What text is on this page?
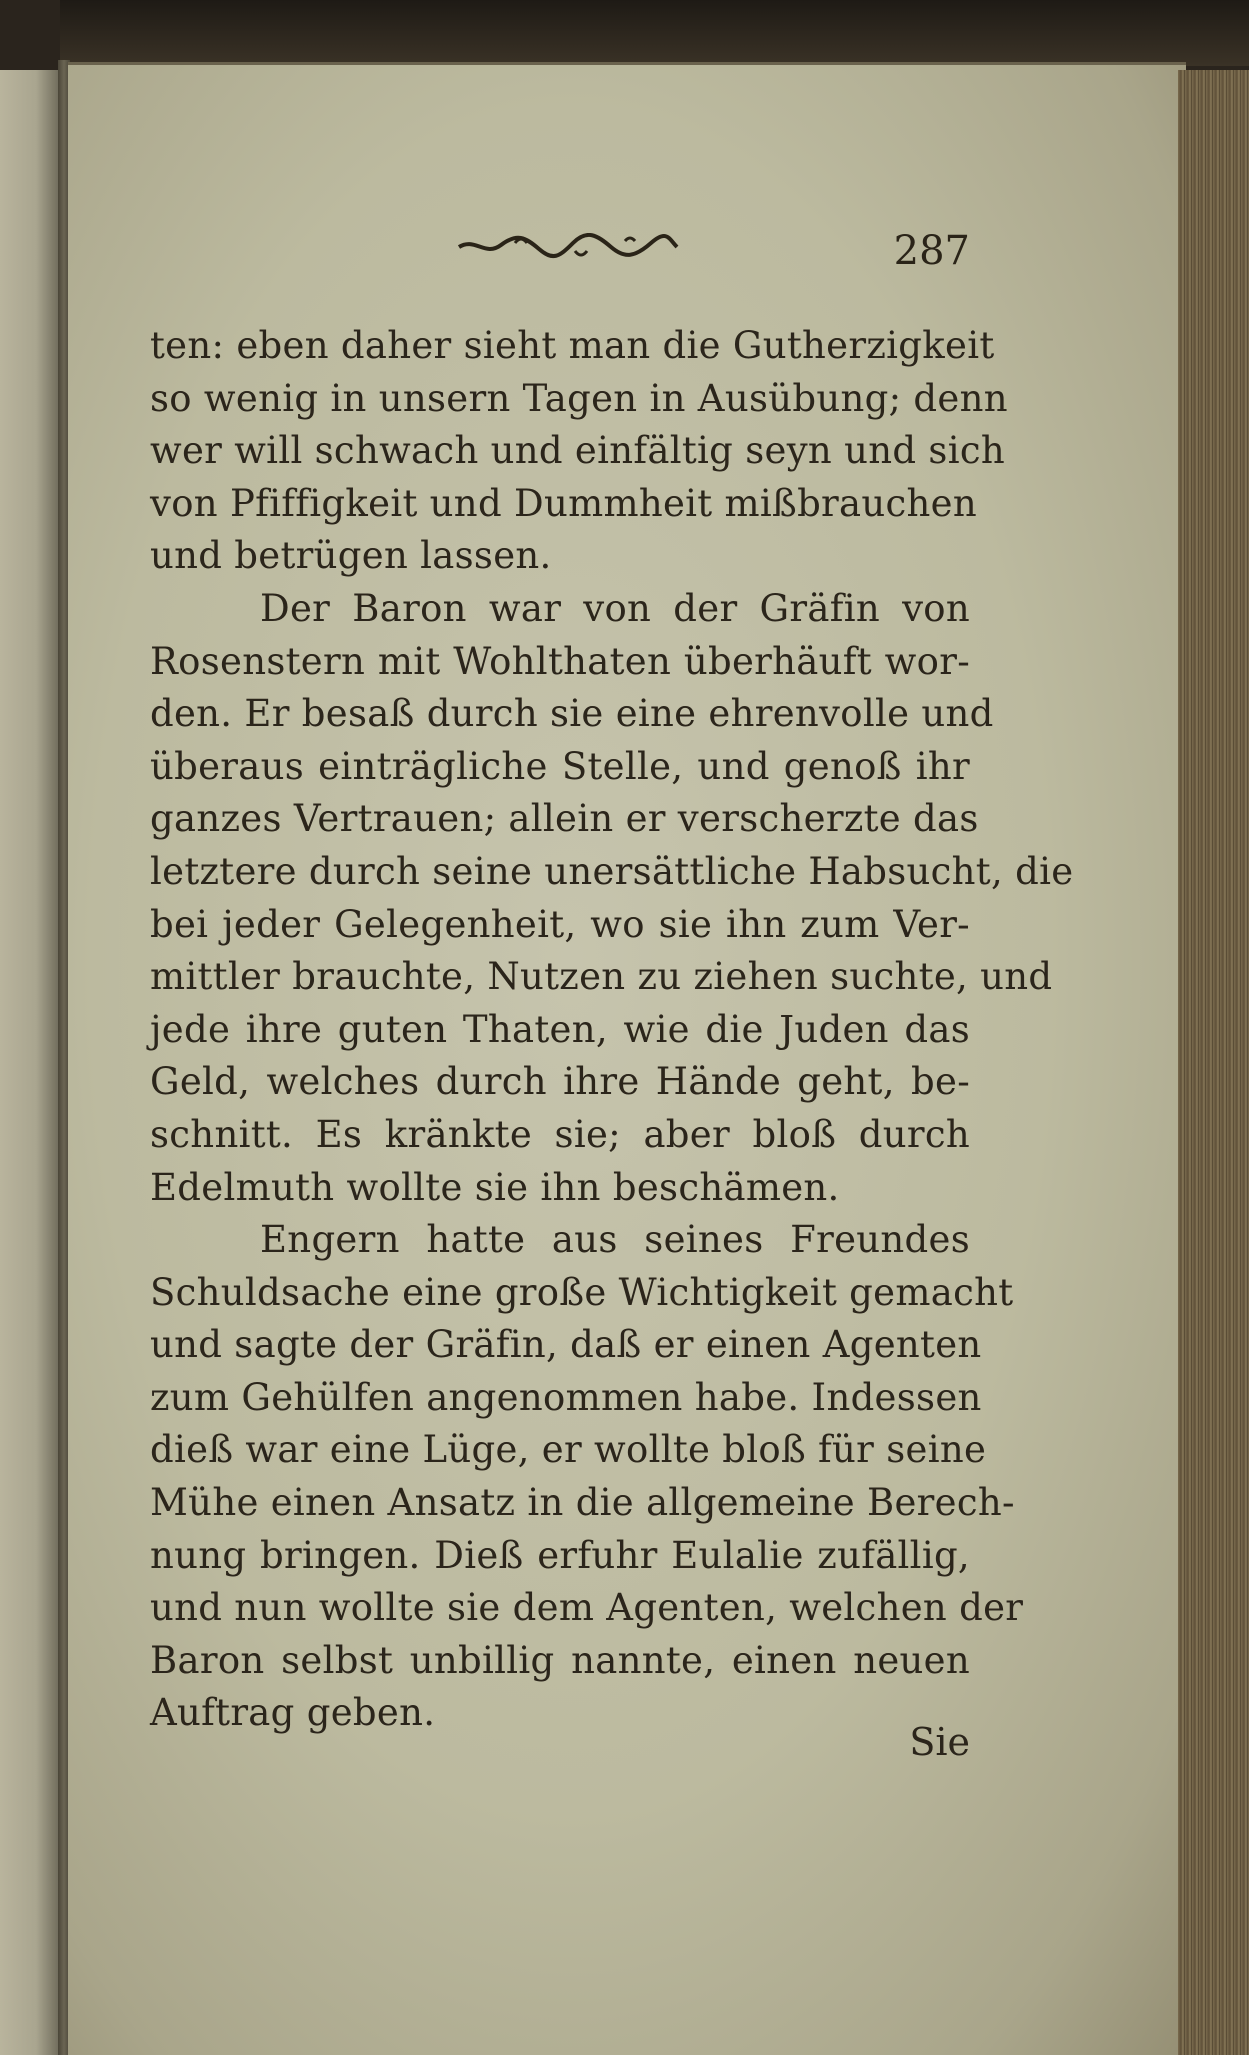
287
ten: eben daher sieht man die Gutherzigkeit
so wenig in unsern Tagen in Ausübung; denn
wer will schwach und einfältig seyn und sich
von Pfiffigkeit und Dummheit mißbrauchen
und betrügen lassen.
Der Baron war von der Gräfin von
Rosenstern mit Wohlthaten überhäuft wor-
den. Er besaß durch sie eine ehrenvolle und
überaus einträgliche Stelle, und genoß ihr
ganzes Vertrauen; allein er verscherzte das
letztere durch seine unersättliche Habsucht, die
bei jeder Gelegenheit, wo sie ihn zum Ver-
mittler brauchte, Nutzen zu ziehen suchte, und
jede ihre guten Thaten, wie die Juden das
Geld, welches durch ihre Hände geht, be-
schnitt. Es kränkte sie; aber bloß durch
Edelmuth wollte sie ihn beschämen.
Engern hatte aus seines Freundes
Schuldsache eine große Wichtigkeit gemacht
und sagte der Gräfin, daß er einen Agenten
zum Gehülfen angenommen habe. Indessen
dieß war eine Lüge, er wollte bloß für seine
Mühe einen Ansatz in die allgemeine Berech-
nung bringen. Dieß erfuhr Eulalie zufällig,
und nun wollte sie dem Agenten, welchen der
Baron selbst unbillig nannte, einen neuen
Auftrag geben.
Sie
